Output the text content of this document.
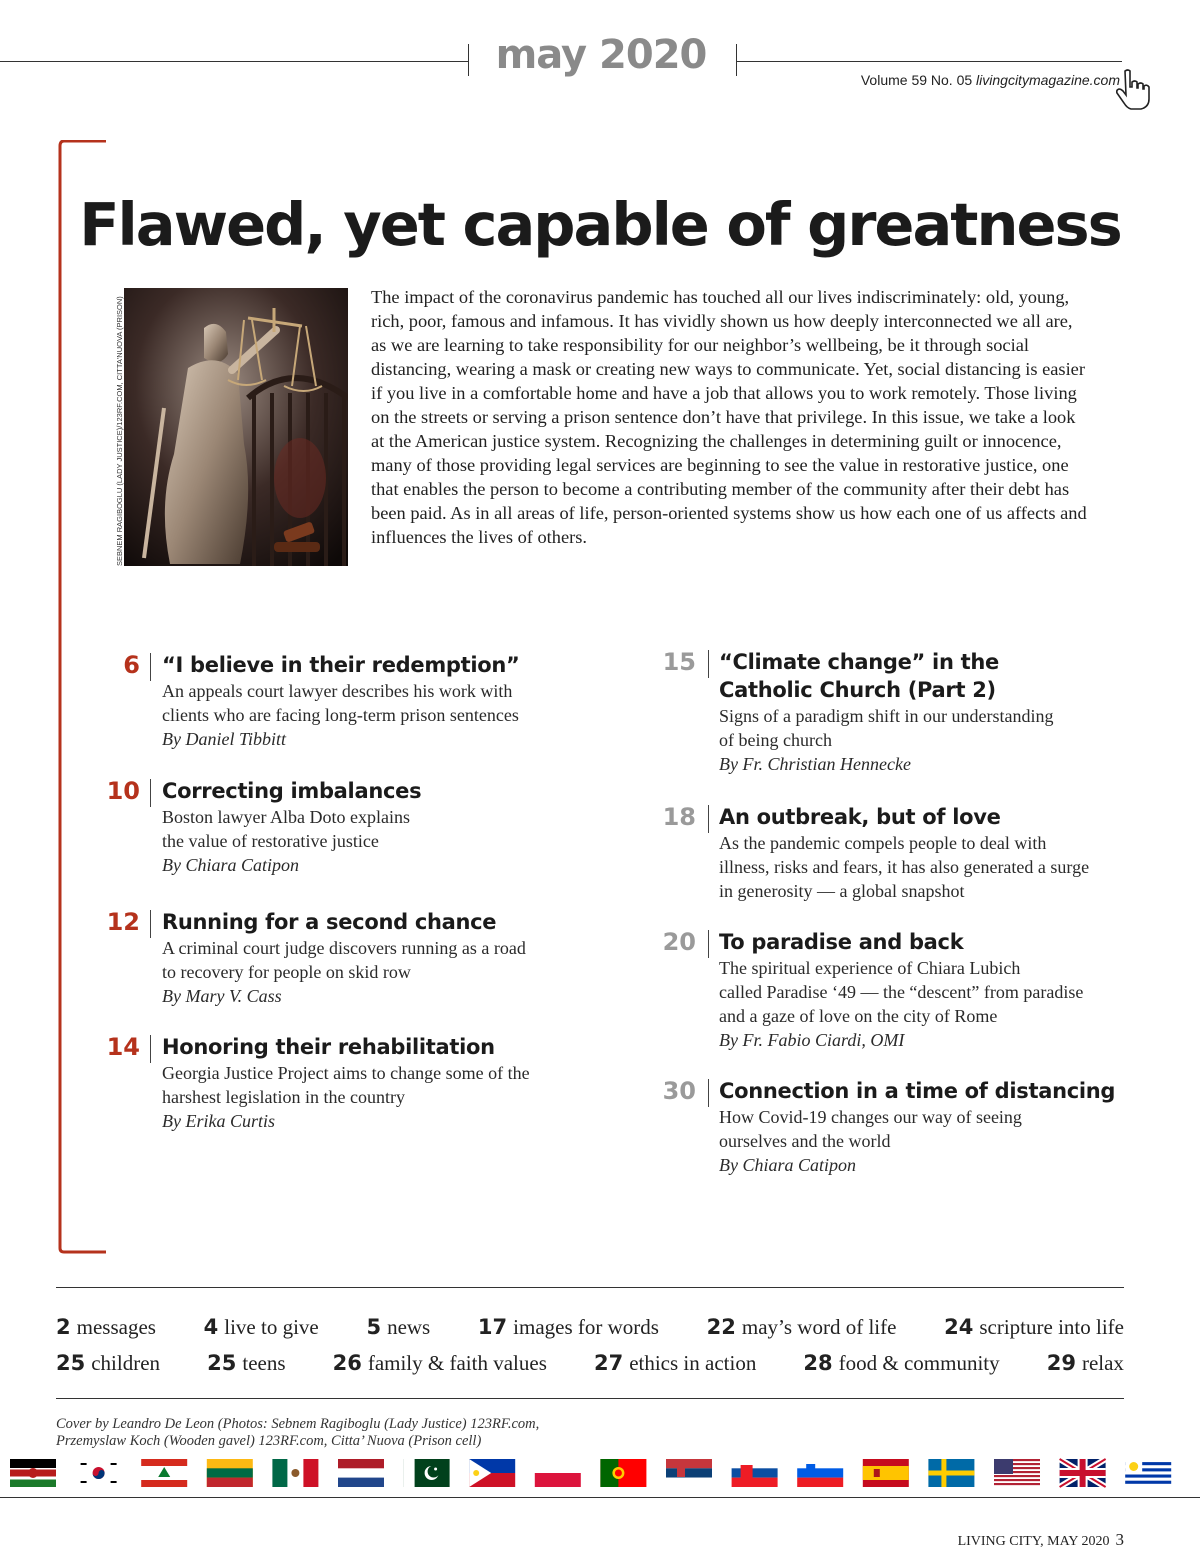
may 2020
Volume 59 No. 05 livingcitymagazine.com
Flawed, yet capable of greatness
SEBNEM RAGIBOGLU (LADY JUSTICE)/123RF.COM, CITTA'NUOVA (PRISON)	The impact of the coronavirus pandemic has touched all our lives indiscriminately: old, young, rich, poor, famous and infamous. It has vividly shown us how deeply interconnected we all are, as we are learning to take responsibility for our neighbor’s wellbeing, be it through social distancing, wearing a mask or creating new ways to communicate. Yet, social distancing is easier if you live in a comfortable home and have a job that allows you to work remotely. Those living on the streets or serving a prison sentence don’t have that privilege. In this issue, we take a look at the American justice system. Recognizing the challenges in determining guilt or innocence, many of those providing legal services are beginning to see the value in restorative justice, one that enables the person to become a contributing member of the community after their debt has been paid. As in all areas of life, person-oriented systems show us how each one of us affects and influences the lives of others.

6 “I believe in their redemption”
An appeals court lawyer describes his work with
clients who are facing long-term prison sentences
By Daniel Tibbitt
10 Correcting imbalances
Boston lawyer Alba Doto explains
the value of restorative justice
By Chiara Catipon
12 Running for a second chance
A criminal court judge discovers running as a road
to recovery for people on skid row
By Mary V. Cass
14 Honoring their rehabilitation
Georgia Justice Project aims to change some of the
harshest legislation in the country
By Erika Curtis
15 “Climate change” in the
Catholic Church (Part 2)
Signs of a paradigm shift in our understanding
of being church
By Fr. Christian Hennecke
18 An outbreak, but of love
As the pandemic compels people to deal with
illness, risks and fears, it has also generated a surge
in generosity — a global snapshot
20 To paradise and back
The spiritual experience of Chiara Lubich
called Paradise ‘49 — the “descent” from paradise
and a gaze of love on the city of Rome
By Fr. Fabio Ciardi, OMI
30 Connection in a time of distancing
How Covid-19 changes our way of seeing
ourselves and the world
By Chiara Catipon
2 messages 4 live to give 5 news 17 images for words 22 may’s word of life 24 scripture into life
25 children 25 teens 26 family & faith values 27 ethics in action 28 food & community 29 relax
Cover by Leandro De Leon (Photos: Sebnem Ragiboglu (Lady Justice) 123RF.com,
Przemyslaw Koch (Wooden gavel) 123RF.com, Citta’ Nuova (Prison cell)
LIVING CITY, MAY 2020 3
